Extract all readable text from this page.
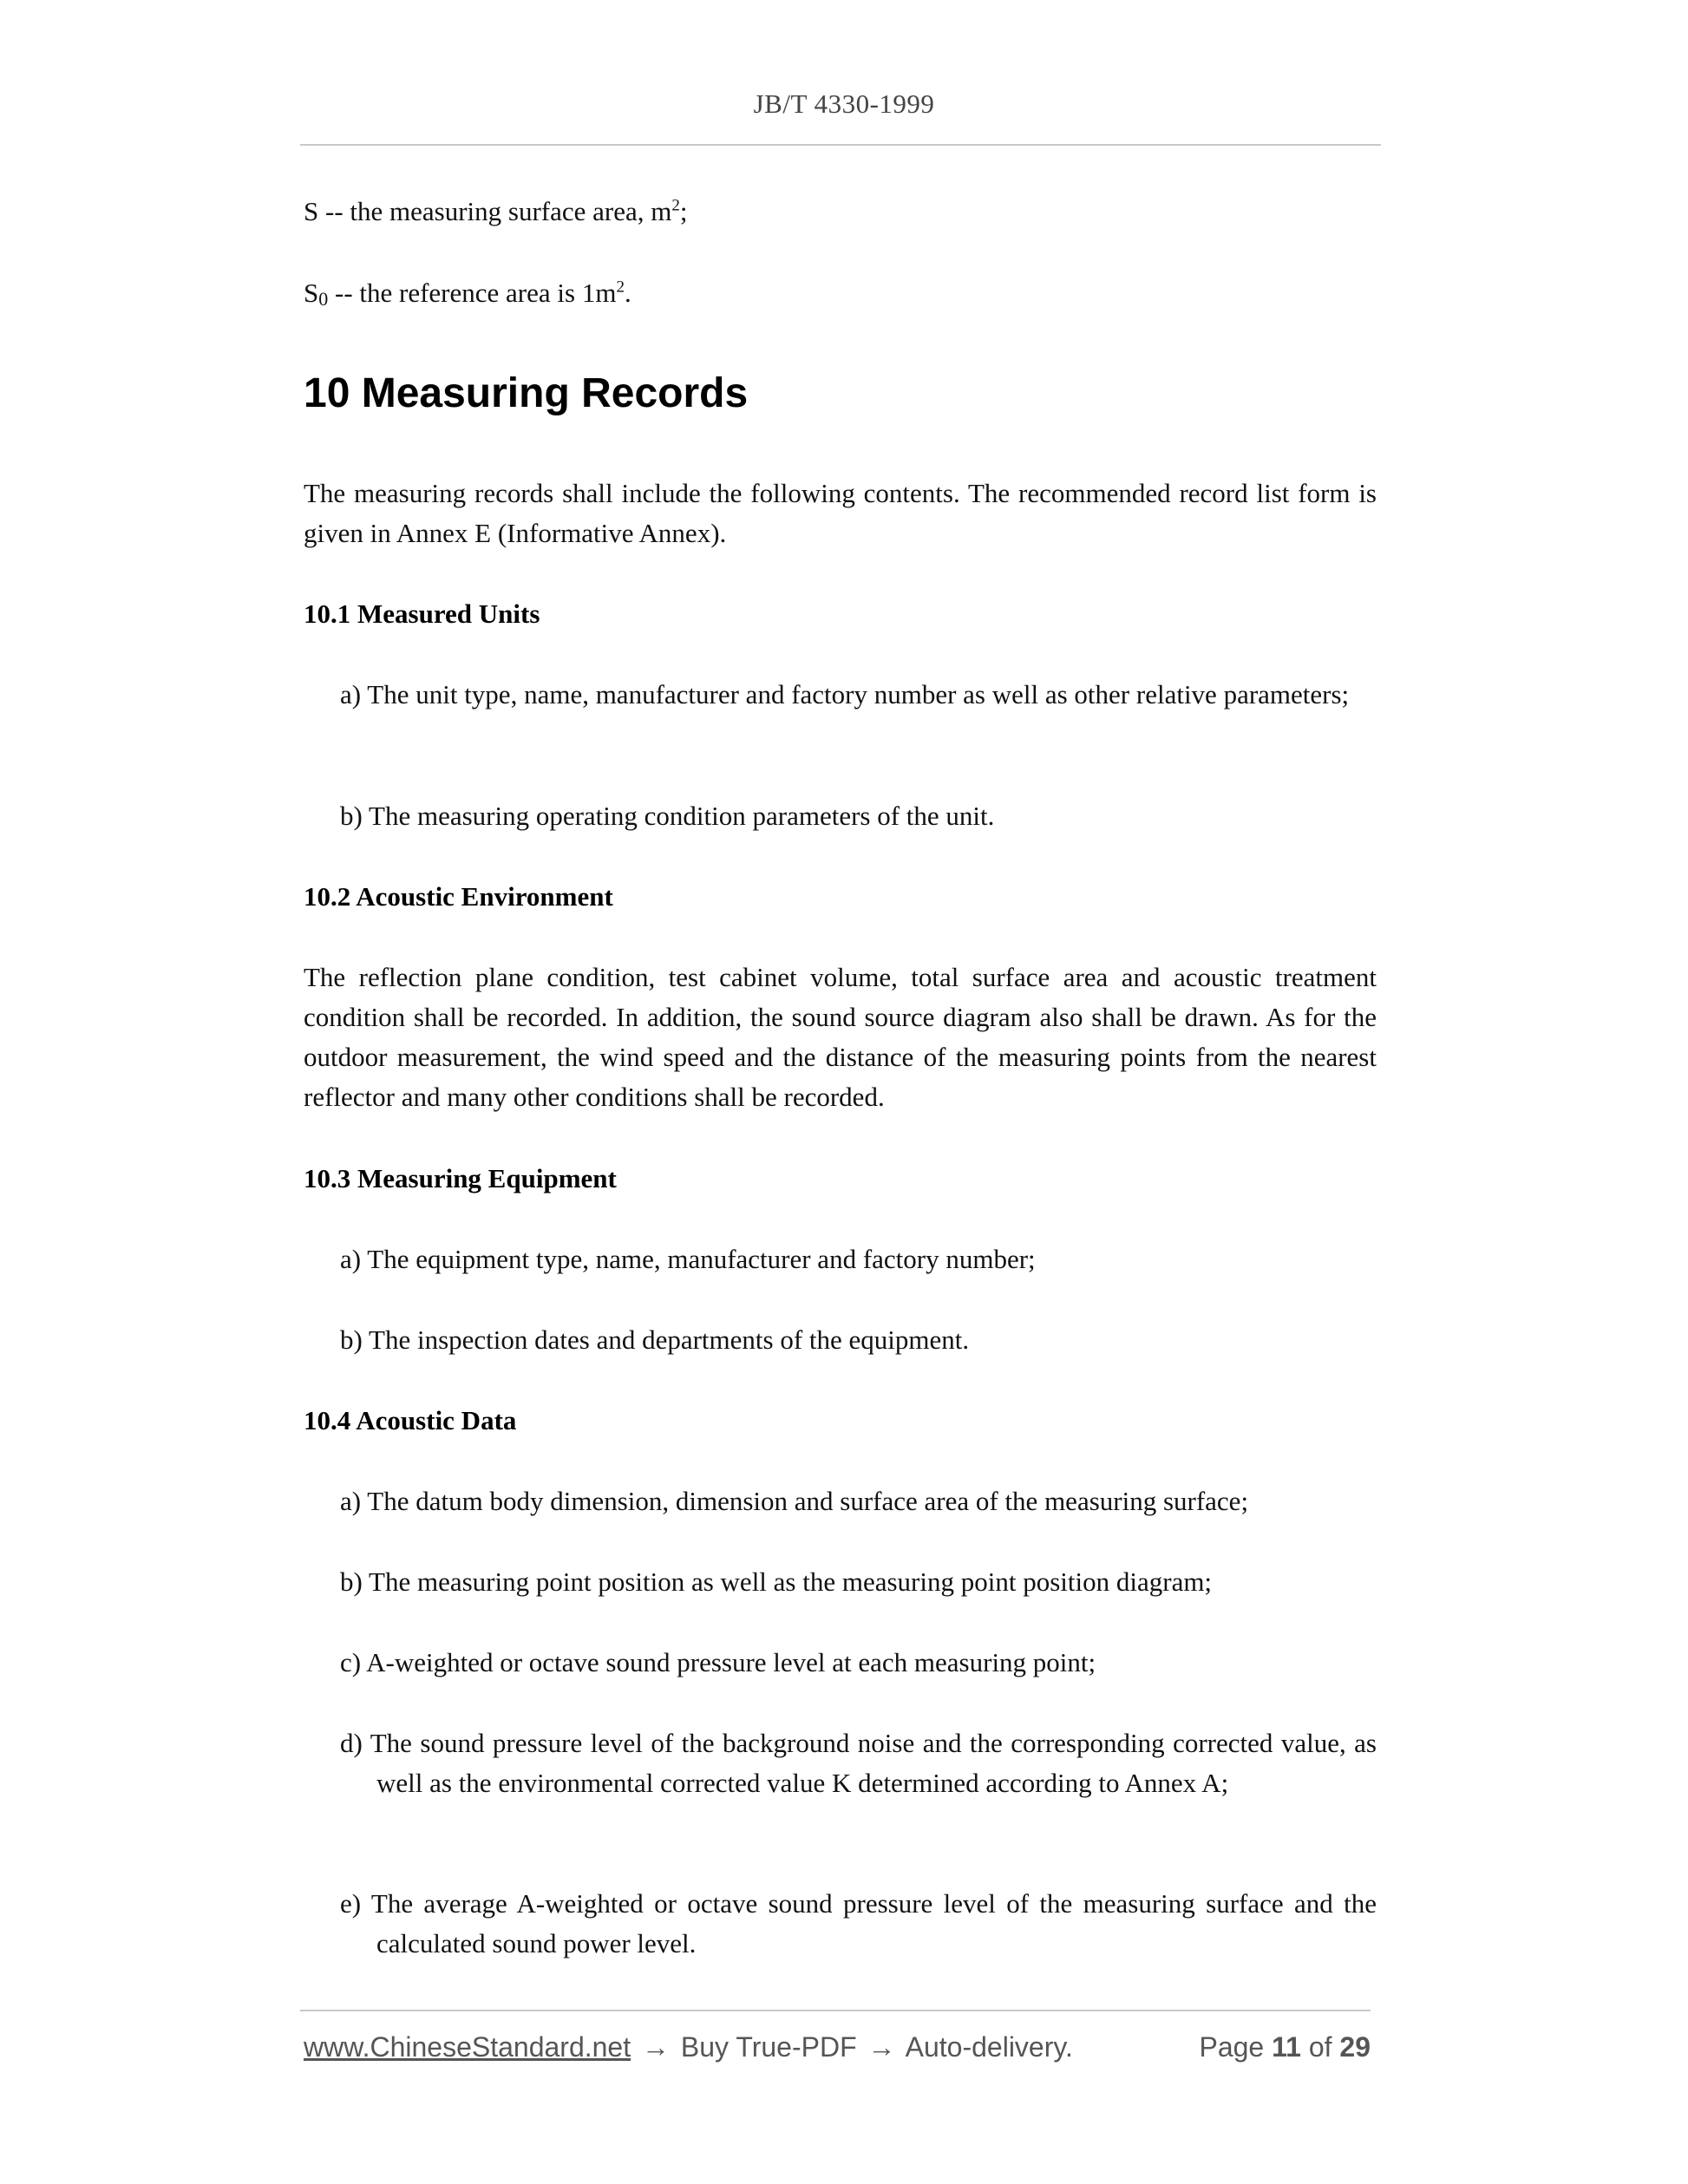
JB/T 4330-1999
S -- the measuring surface area, $m^2$;
$S_0$ -- the reference area is $1m^2$.
10 Measuring Records
The measuring records shall include the following contents. The recommended record list form is given in Annex E (Informative Annex).
10.1 Measured Units
a) The unit type, name, manufacturer and factory number as well as other relative parameters;
b) The measuring operating condition parameters of the unit.
10.2 Acoustic Environment
The reflection plane condition, test cabinet volume, total surface area and acoustic treatment condition shall be recorded. In addition, the sound source diagram also shall be drawn. As for the outdoor measurement, the wind speed and the distance of the measuring points from the nearest reflector and many other conditions shall be recorded.
10.3 Measuring Equipment
a) The equipment type, name, manufacturer and factory number;
b) The inspection dates and departments of the equipment.
10.4 Acoustic Data
a) The datum body dimension, dimension and surface area of the measuring surface;
b) The measuring point position as well as the measuring point position diagram;
c) A-weighted or octave sound pressure level at each measuring point;
d) The sound pressure level of the background noise and the corresponding corrected value, as well as the environmental corrected value K determined according to Annex A;
e) The average A-weighted or octave sound pressure level of the measuring surface and the calculated sound power level.
www.ChineseStandard.net → Buy True-PDF → Auto-delivery.	Page 11 of 29
